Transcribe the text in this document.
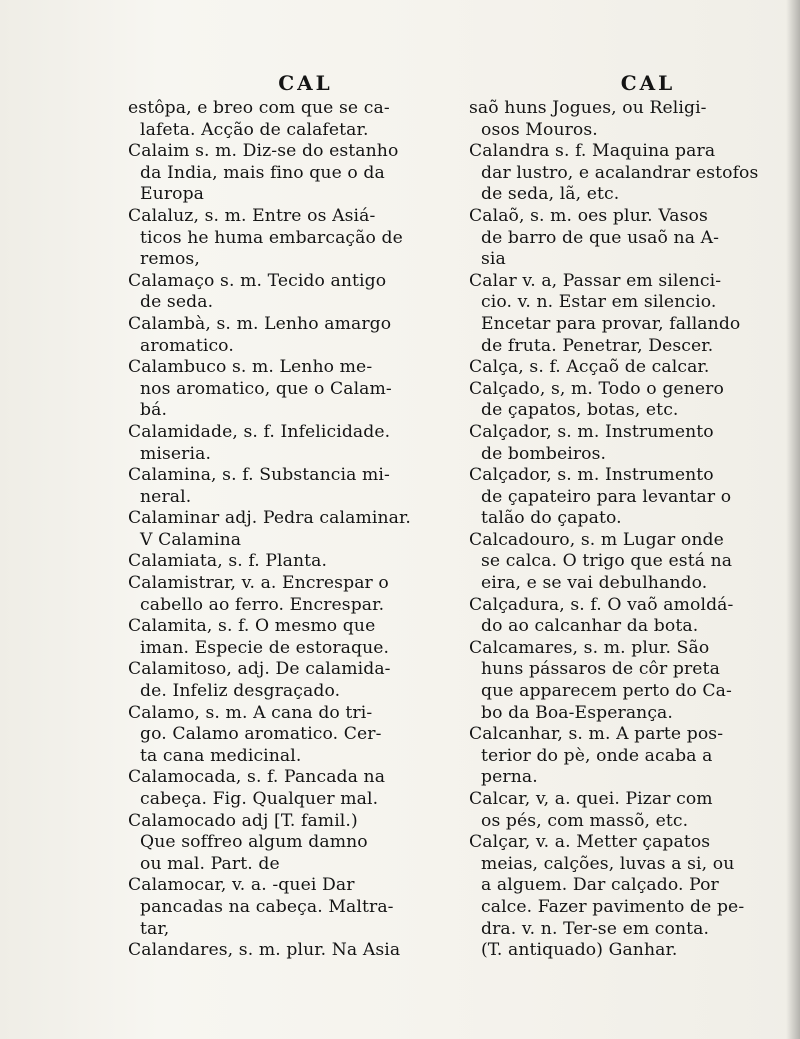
CAL
estôpa, e breo com que se ca-
lafeta. Acção de calafetar.
Calaim s. m. Diz-se do estanho
da India, mais fino que o da
Europa
Calaluz, s. m. Entre os Asiá-
ticos he huma embarcação de
remos,
Calamaço s. m. Tecido antigo
de seda.
Calambà, s. m. Lenho amargo
aromatico.
Calambuco s. m. Lenho me-
nos aromatico, que o Calam-
bá.
Calamidade, s. f. Infelicidade.
miseria.
Calamina, s. f. Substancia mi-
neral.
Calaminar adj. Pedra calaminar.
V Calamina
Calamiata, s. f. Planta.
Calamistrar, v. a. Encrespar o
cabello ao ferro. Encrespar.
Calamita, s. f. O mesmo que
iman. Especie de estoraque.
Calamitoso, adj. De calamida-
de. Infeliz desgraçado.
Calamo, s. m. A cana do tri-
go. Calamo aromatico. Cer-
ta cana medicinal.
Calamocada, s. f. Pancada na
cabeça. Fig. Qualquer mal.
Calamocado adj [T. famil.)
Que soffreo algum damno
ou mal. Part. de
Calamocar, v. a. -quei Dar
pancadas na cabeça. Maltra-
tar,
Calandares, s. m. plur. Na Asia
CAL
saõ huns Jogues, ou Religi-
osos Mouros.
Calandra s. f. Maquina para
dar lustro, e acalandrar estofos
de seda, lã, etc.
Calaõ, s. m. oes plur. Vasos
de barro de que usaõ na A-
sia
Calar v. a, Passar em silenci-
cio. v. n. Estar em silencio.
Encetar para provar, fallando
de fruta. Penetrar, Descer.
Calça, s. f. Acçaõ de calcar.
Calçado, s, m. Todo o genero
de çapatos, botas, etc.
Calçador, s. m. Instrumento
de bombeiros.
Calçador, s. m. Instrumento
de çapateiro para levantar o
talão do çapato.
Calcadouro, s. m Lugar onde
se calca. O trigo que está na
eira, e se vai debulhando.
Calçadura, s. f. O vaõ amoldá-
do ao calcanhar da bota.
Calcamares, s. m. plur. São
huns pássaros de côr preta
que apparecem perto do Ca-
bo da Boa-Esperança.
Calcanhar, s. m. A parte pos-
terior do pè, onde acaba a
perna.
Calcar, v, a. quei. Pizar com
os pés, com massõ, etc.
Calçar, v. a. Metter çapatos
meias, calções, luvas a si, ou
a alguem. Dar calçado. Por
calce. Fazer pavimento de pe-
dra. v. n. Ter-se em conta.
(T. antiquado) Ganhar.
